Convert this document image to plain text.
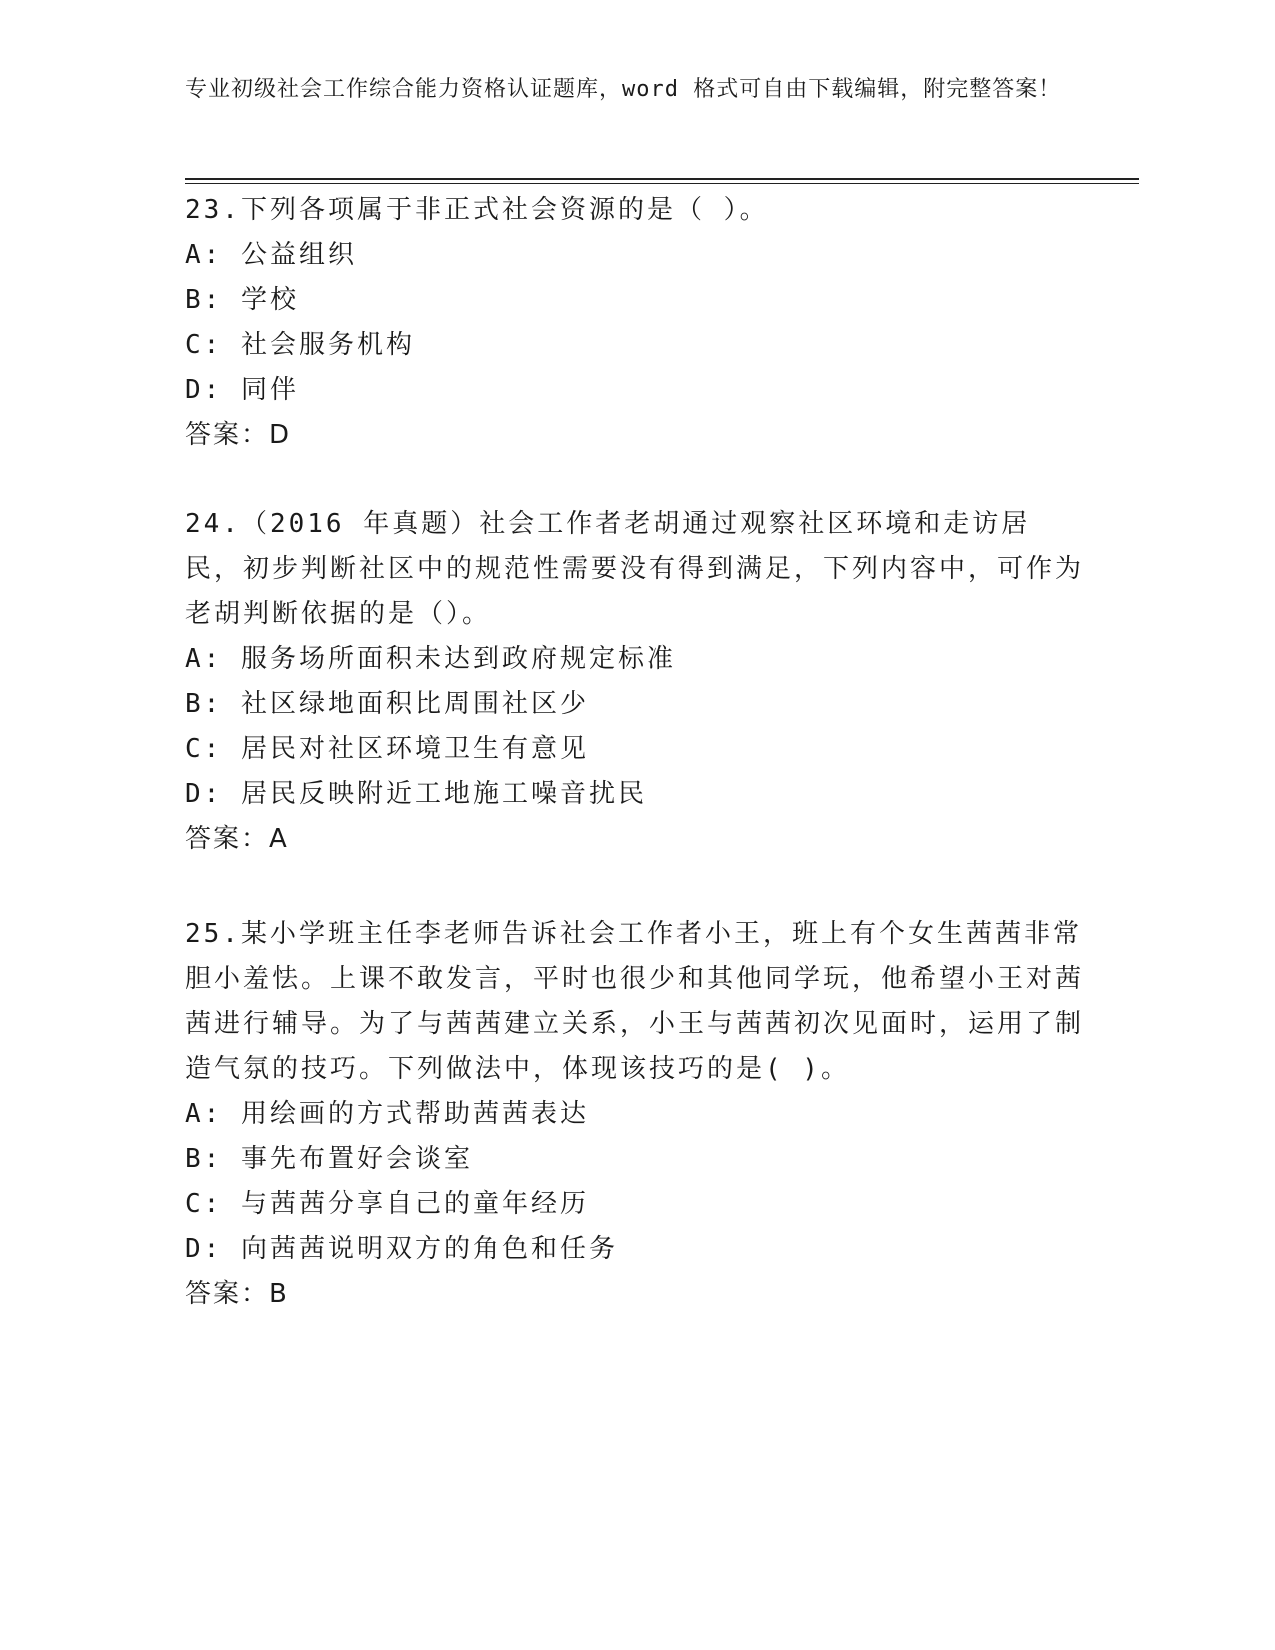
专业初级社会工作综合能力资格认证题库，word 格式可自由下载编辑，附完整答案！

23.下列各项属于非正式社会资源的是（ ）。

A: 公益组织

B: 学校

C: 社会服务机构

D: 同伴

答案：D

24.（2016 年真题）社会工作者老胡通过观察社区环境和走访居民，初步判断社区中的规范性需要没有得到满足，下列内容中，可作为老胡判断依据的是（）。

A: 服务场所面积未达到政府规定标准

B: 社区绿地面积比周围社区少

C: 居民对社区环境卫生有意见

D: 居民反映附近工地施工噪音扰民

答案：A

25.某小学班主任李老师告诉社会工作者小王，班上有个女生茜茜非常胆小羞怯。上课不敢发言，平时也很少和其他同学玩，他希望小王对茜茜进行辅导。为了与茜茜建立关系，小王与茜茜初次见面时，运用了制造气氛的技巧。下列做法中，体现该技巧的是( )。

A: 用绘画的方式帮助茜茜表达

B: 事先布置好会谈室

C: 与茜茜分享自己的童年经历

D: 向茜茜说明双方的角色和任务

答案：B
